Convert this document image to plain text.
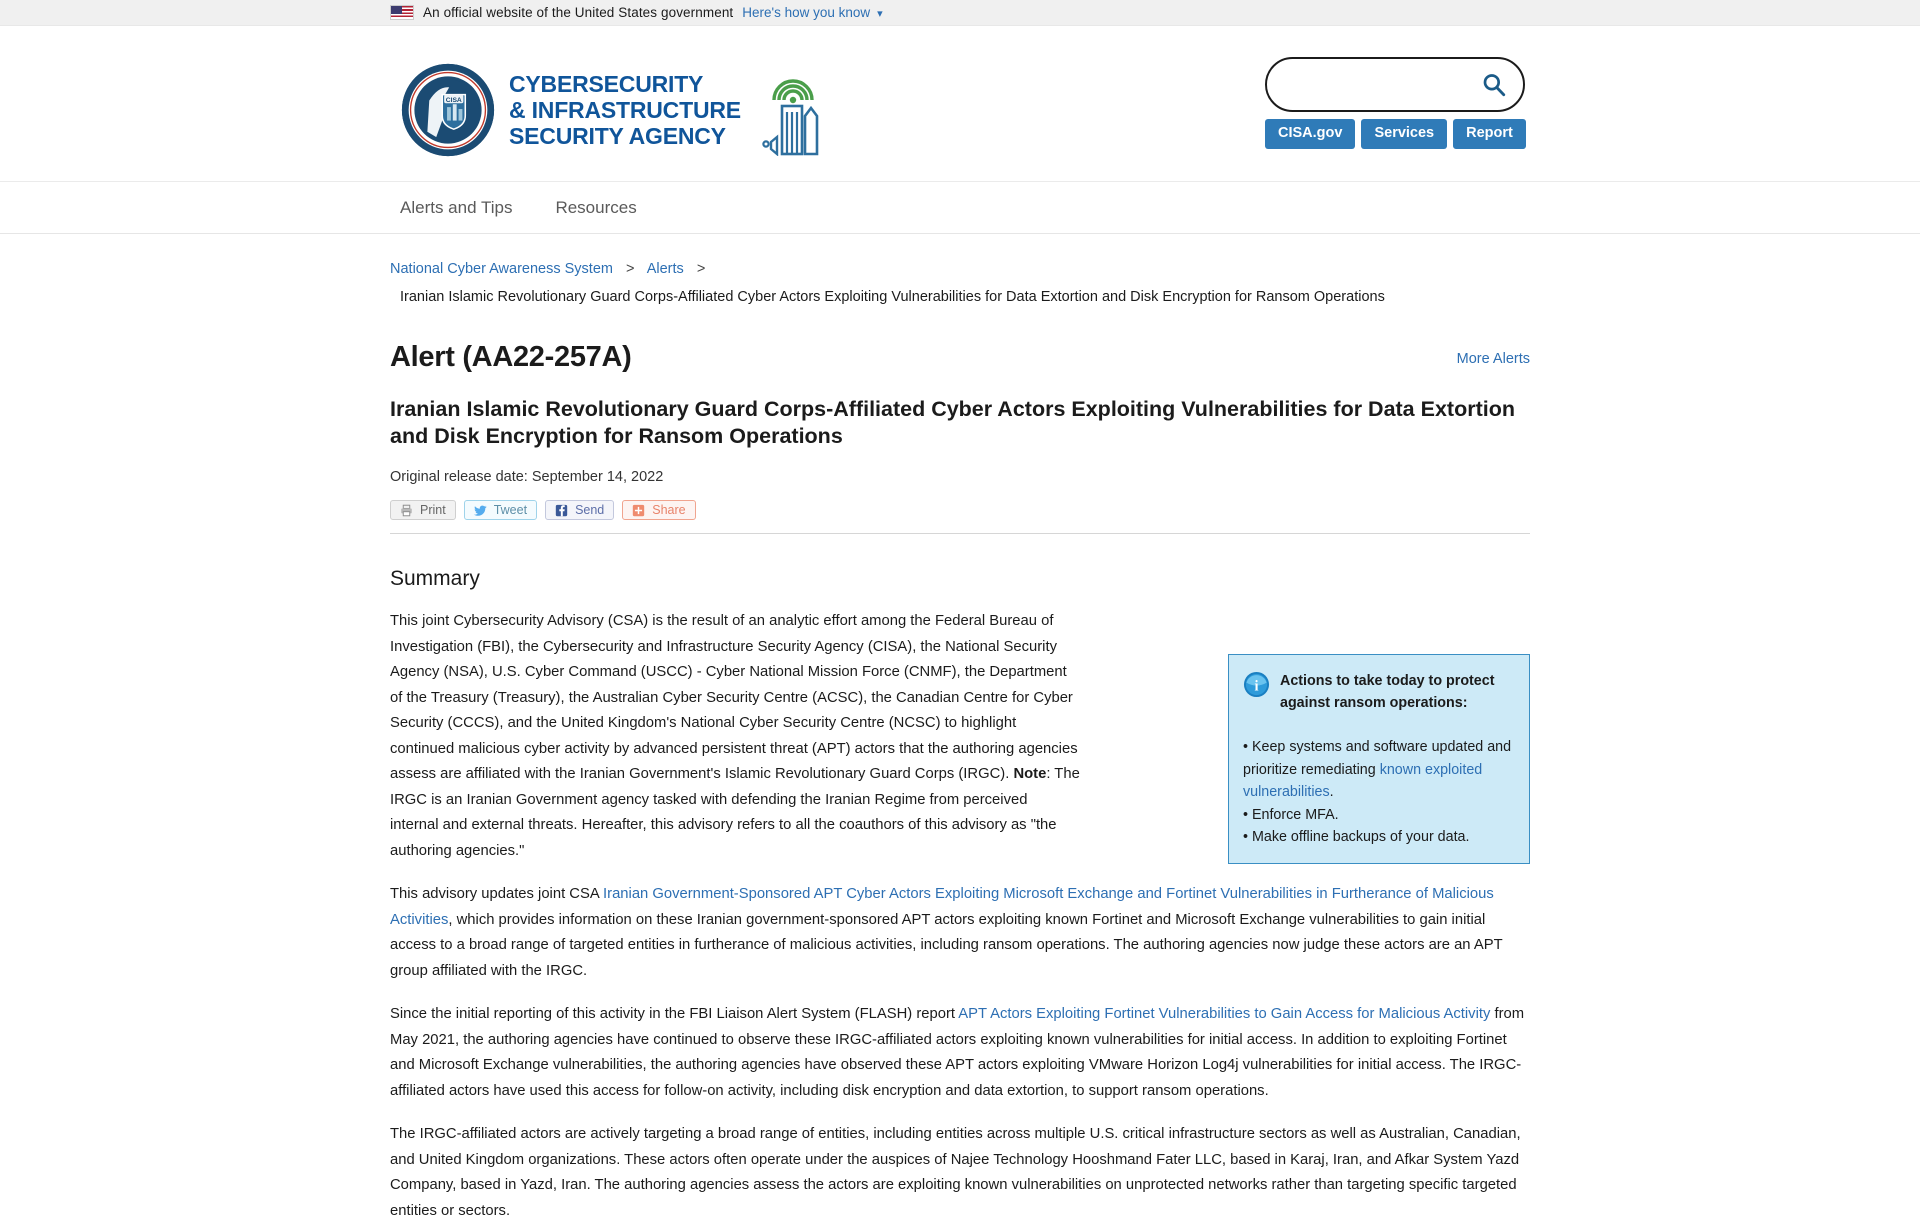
An official website of the United States government Here's how you know ▾
CISA
CYBERSECURITY
& INFRASTRUCTURE
SECURITY AGENCY	CISA.gov	Services	Report
Alerts and Tips	Resources
National Cyber Awareness System > Alerts >
Iranian Islamic Revolutionary Guard Corps-Affiliated Cyber Actors Exploiting Vulnerabilities for Data Extortion and Disk Encryption for Ransom Operations
Alert (AA22-257A)	More Alerts
Iranian Islamic Revolutionary Guard Corps-Affiliated Cyber Actors Exploiting Vulnerabilities for Data Extortion and Disk Encryption for Ransom Operations
Original release date: September 14, 2022
Print	Tweet	Send	Share
Summary
i Actions to take today to protect against ransom operations:
• Keep systems and software updated and prioritize remediating known exploited vulnerabilities.
• Enforce MFA.
• Make offline backups of your data.

This joint Cybersecurity Advisory (CSA) is the result of an analytic effort among the Federal Bureau of Investigation (FBI), the Cybersecurity and Infrastructure Security Agency (CISA), the National Security Agency (NSA), U.S. Cyber Command (USCC) - Cyber National Mission Force (CNMF), the Department of the Treasury (Treasury), the Australian Cyber Security Centre (ACSC), the Canadian Centre for Cyber Security (CCCS), and the United Kingdom's National Cyber Security Centre (NCSC) to highlight continued malicious cyber activity by advanced persistent threat (APT) actors that the authoring agencies assess are affiliated with the Iranian Government's Islamic Revolutionary Guard Corps (IRGC). Note: The IRGC is an Iranian Government agency tasked with defending the Iranian Regime from perceived internal and external threats. Hereafter, this advisory refers to all the coauthors of this advisory as "the authoring agencies."

This advisory updates joint CSA Iranian Government-Sponsored APT Cyber Actors Exploiting Microsoft Exchange and Fortinet Vulnerabilities in Furtherance of Malicious Activities, which provides information on these Iranian government-sponsored APT actors exploiting known Fortinet and Microsoft Exchange vulnerabilities to gain initial access to a broad range of targeted entities in furtherance of malicious activities, including ransom operations. The authoring agencies now judge these actors are an APT group affiliated with the IRGC.

Since the initial reporting of this activity in the FBI Liaison Alert System (FLASH) report APT Actors Exploiting Fortinet Vulnerabilities to Gain Access for Malicious Activity from May 2021, the authoring agencies have continued to observe these IRGC-affiliated actors exploiting known vulnerabilities for initial access. In addition to exploiting Fortinet and Microsoft Exchange vulnerabilities, the authoring agencies have observed these APT actors exploiting VMware Horizon Log4j vulnerabilities for initial access. The IRGC-affiliated actors have used this access for follow-on activity, including disk encryption and data extortion, to support ransom operations.

The IRGC-affiliated actors are actively targeting a broad range of entities, including entities across multiple U.S. critical infrastructure sectors as well as Australian, Canadian, and United Kingdom organizations. These actors often operate under the auspices of Najee Technology Hooshmand Fater LLC, based in Karaj, Iran, and Afkar System Yazd Company, based in Yazd, Iran. The authoring agencies assess the actors are exploiting known vulnerabilities on unprotected networks rather than targeting specific targeted entities or sectors.
